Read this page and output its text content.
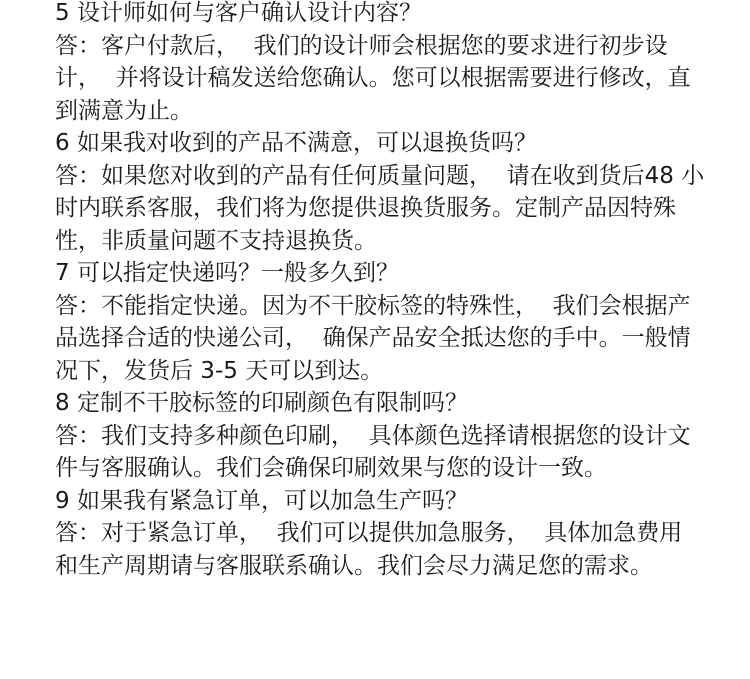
5 设计师如何与客户确认设计内容？

答：客户付款后，  我们的设计师会根据您的要求进行初步设计，  并将设计稿发送给您确认。您可以根据需要进行修改，直到满意为止。

6 如果我对收到的产品不满意，可以退换货吗？

答：如果您对收到的产品有任何质量问题，  请在收到货后48 小时内联系客服，我们将为您提供退换货服务。定制产品因特殊性，非质量问题不支持退换货。

7 可以指定快递吗？一般多久到？

答：不能指定快递。因为不干胶标签的特殊性，  我们会根据产品选择合适的快递公司，  确保产品安全抵达您的手中。一般情况下，发货后 3-5 天可以到达。

8 定制不干胶标签的印刷颜色有限制吗？

答：我们支持多种颜色印刷，  具体颜色选择请根据您的设计文件与客服确认。我们会确保印刷效果与您的设计一致。

9 如果我有紧急订单，可以加急生产吗？

答：对于紧急订单，  我们可以提供加急服务，  具体加急费用和生产周期请与客服联系确认。我们会尽力满足您的需求。
